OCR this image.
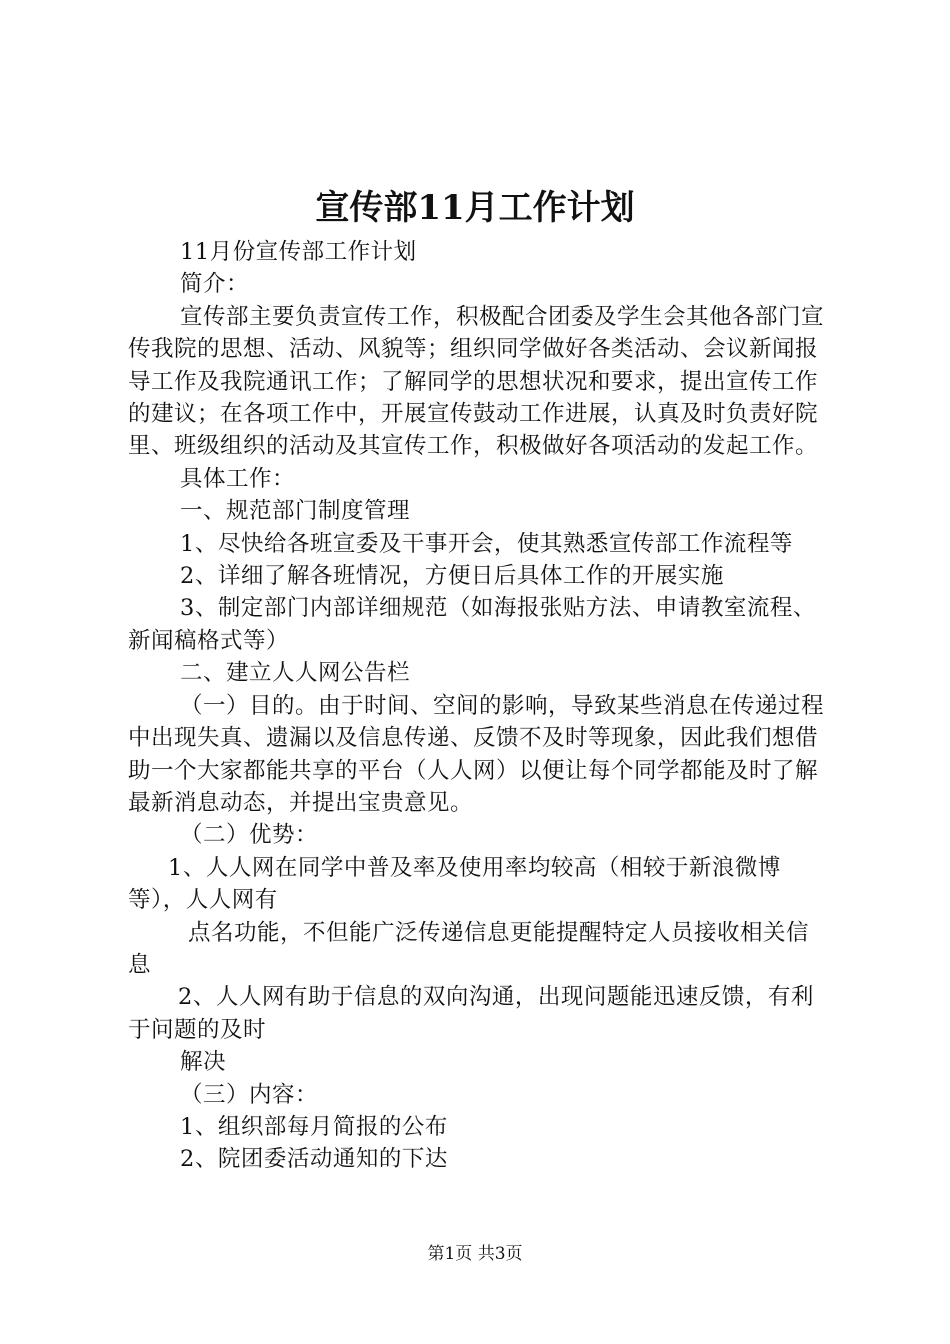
宣传部11月工作计划

11月份宣传部工作计划

简介：

宣传部主要负责宣传工作，积极配合团委及学生会其他各部门宣传我院的思想、活动、风貌等；组织同学做好各类活动、会议新闻报导工作及我院通讯工作；了解同学的思想状况和要求，提出宣传工作的建议；在各项工作中，开展宣传鼓动工作进展，认真及时负责好院里、班级组织的活动及其宣传工作，积极做好各项活动的发起工作。

具体工作：

一、规范部门制度管理

1、尽快给各班宣委及干事开会，使其熟悉宣传部工作流程等

2、详细了解各班情况，方便日后具体工作的开展实施

3、制定部门内部详细规范（如海报张贴方法、申请教室流程、新闻稿格式等）

二、建立人人网公告栏

（一）目的。由于时间、空间的影响，导致某些消息在传递过程中出现失真、遗漏以及信息传递、反馈不及时等现象，因此我们想借助一个大家都能共享的平台（人人网）以便让每个同学都能及时了解最新消息动态，并提出宝贵意见。

（二）优势：

1、人人网在同学中普及率及使用率均较高（相较于新浪微博等），人人网有

点名功能，不但能广泛传递信息更能提醒特定人员接收相关信息

2、人人网有助于信息的双向沟通，出现问题能迅速反馈，有利于问题的及时

解决

（三）内容：

1、组织部每月简报的公布

2、院团委活动通知的下达

第1页 共3页
